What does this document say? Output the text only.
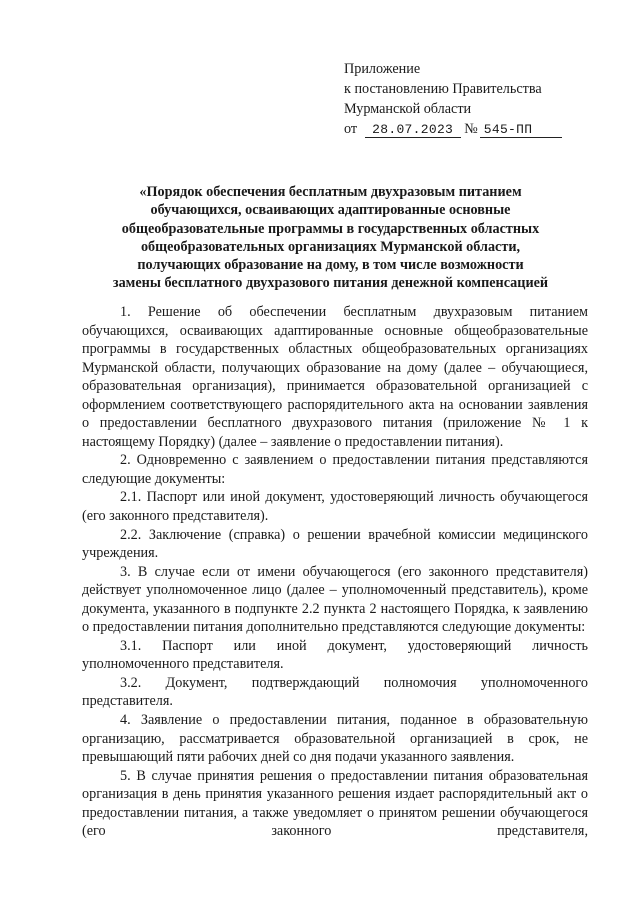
Приложение
к постановлению Правительства
Мурманской области
от 28.07.2023 № 545-ПП
«Порядок обеспечения бесплатным двухразовым питанием
обучающихся, осваивающих адаптированные основные
общеобразовательные программы в государственных областных
общеобразовательных организациях Мурманской области,
получающих образование на дому, в том числе возможности
замены бесплатного двухразового питания денежной компенсацией

1. Решение об обеспечении бесплатным двухразовым питанием обучающихся, осваивающих адаптированные основные общеобразовательные программы в государственных областных общеобразовательных организациях Мурманской области, получающих образование на дому (далее – обучающиеся, образовательная организация), принимается образовательной организацией с оформлением соответствующего распорядительного акта на основании заявления о предоставлении бесплатного двухразового питания (приложение № 1 к настоящему Порядку) (далее – заявление о предоставлении питания).

2. Одновременно с заявлением о предоставлении питания представляются следующие документы:

2.1. Паспорт или иной документ, удостоверяющий личность обучающегося (его законного представителя).

2.2. Заключение (справка) о решении врачебной комиссии медицинского учреждения.

3. В случае если от имени обучающегося (его законного представителя) действует уполномоченное лицо (далее – уполномоченный представитель), кроме документа, указанного в подпункте 2.2 пункта 2 настоящего Порядка, к заявлению о предоставлении питания дополнительно представляются следующие документы:

3.1. Паспорт или иной документ, удостоверяющий личность уполномоченного представителя.

3.2. Документ, подтверждающий полномочия уполномоченного представителя.

4. Заявление о предоставлении питания, поданное в образовательную организацию, рассматривается образовательной организацией в срок, не превышающий пяти рабочих дней со дня подачи указанного заявления.

5. В случае принятия решения о предоставлении питания образовательная организация в день принятия указанного решения издает распорядительный акт о предоставлении питания, а также уведомляет о принятом решении обучающегося (его законного представителя,
